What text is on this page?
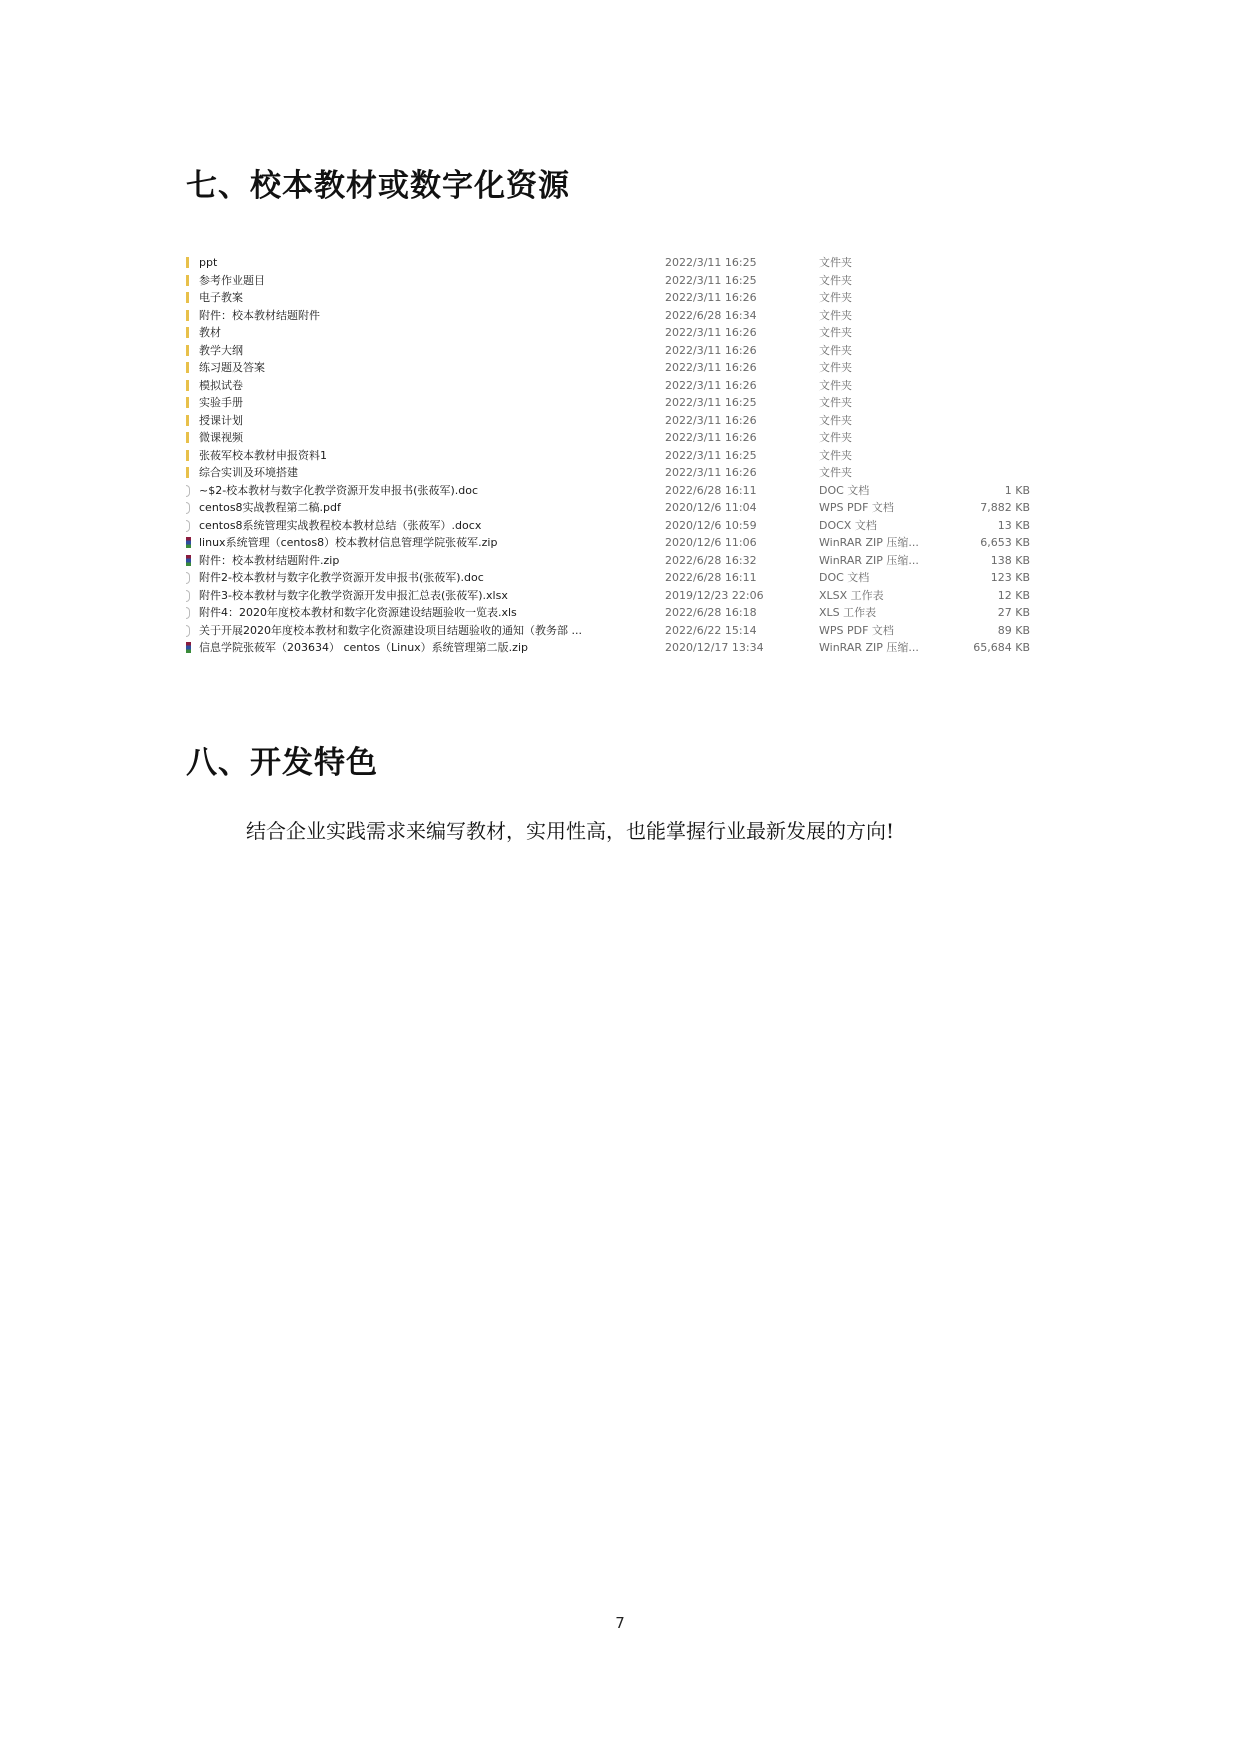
七、校本教材或数字化资源
ppt	2022/3/11 16:25	文件夹
参考作业题目	2022/3/11 16:25	文件夹
电子教案	2022/3/11 16:26	文件夹
附件：校本教材结题附件	2022/6/28 16:34	文件夹
教材	2022/3/11 16:26	文件夹
教学大纲	2022/3/11 16:26	文件夹
练习题及答案	2022/3/11 16:26	文件夹
模拟试卷	2022/3/11 16:26	文件夹
实验手册	2022/3/11 16:25	文件夹
授课计划	2022/3/11 16:26	文件夹
微课视频	2022/3/11 16:26	文件夹
张莜军校本教材申报资料1	2022/3/11 16:25	文件夹
综合实训及环境搭建	2022/3/11 16:26	文件夹
~$2-校本教材与数字化教学资源开发申报书(张莜军).doc	2022/6/28 16:11	DOC 文档	1 KB
centos8实战教程第二稿.pdf	2020/12/6 11:04	WPS PDF 文档	7,882 KB
centos8系统管理实战教程校本教材总结（张莜军）.docx	2020/12/6 10:59	DOCX 文档	13 KB
linux系统管理（centos8）校本教材信息管理学院张莜军.zip	2020/12/6 11:06	WinRAR ZIP 压缩...	6,653 KB
附件：校本教材结题附件.zip	2022/6/28 16:32	WinRAR ZIP 压缩...	138 KB
附件2-校本教材与数字化教学资源开发申报书(张莜军).doc	2022/6/28 16:11	DOC 文档	123 KB
附件3-校本教材与数字化教学资源开发申报汇总表(张莜军).xlsx	2019/12/23 22:06	XLSX 工作表	12 KB
附件4：2020年度校本教材和数字化资源建设结题验收一览表.xls	2022/6/28 16:18	XLS 工作表	27 KB
关于开展2020年度校本教材和数字化资源建设项目结题验收的通知（教务部 ...	2022/6/22 15:14	WPS PDF 文档	89 KB
信息学院张莜军（203634） centos（Linux）系统管理第二版.zip	2020/12/17 13:34	WinRAR ZIP 压缩...	65,684 KB
八、开发特色

结合企业实践需求来编写教材，实用性高，也能掌握行业最新发展的方向!

7
